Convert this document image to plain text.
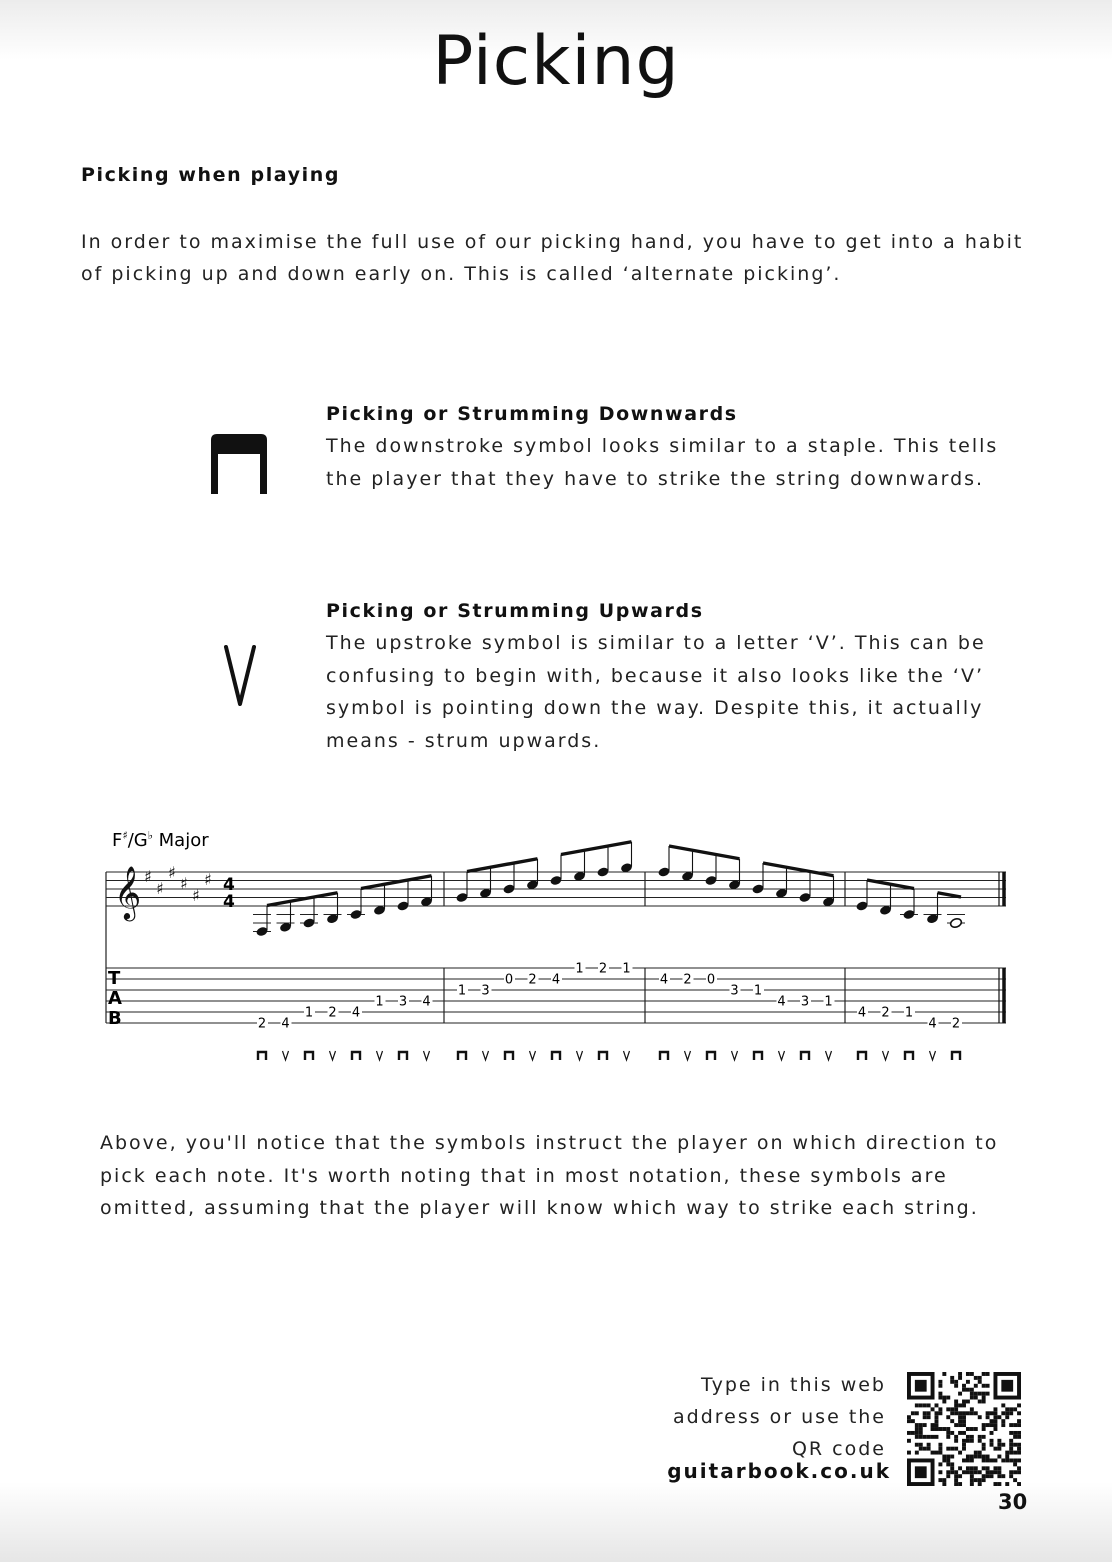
Picking
Picking when playing
In order to maximise the full use of our picking hand, you have to get into a habit of picking up and down early on. This is called ‘alternate picking’.
Picking or Strumming Downwards
The downstroke symbol looks similar to a staple. This tells the player that they have to strike the string downwards.
Picking or Strumming Upwards
The upstroke symbol is similar to a letter ‘V’. This can be confusing to begin with, because it also looks like the ‘V’ symbol is pointing down the way. Despite this, it actually means - strum upwards.
F♯/G♭ Major
𝄞 ♯
♯
♯
♯
♯
♯ 4
4
T
A
B	2 4
1 2 4
1 3 4
1 3
0 2 4
1 2 1
4 2 0
3 1
4 3 1
4 2 1
4 2
Above, you'll notice that the symbols instruct the player on which direction to pick each note. It's worth noting that in most notation, these symbols are omitted, assuming that the player will know which way to strike each string.
Type in this web
address or use the
QR code
guitarbook.co.uk
30
